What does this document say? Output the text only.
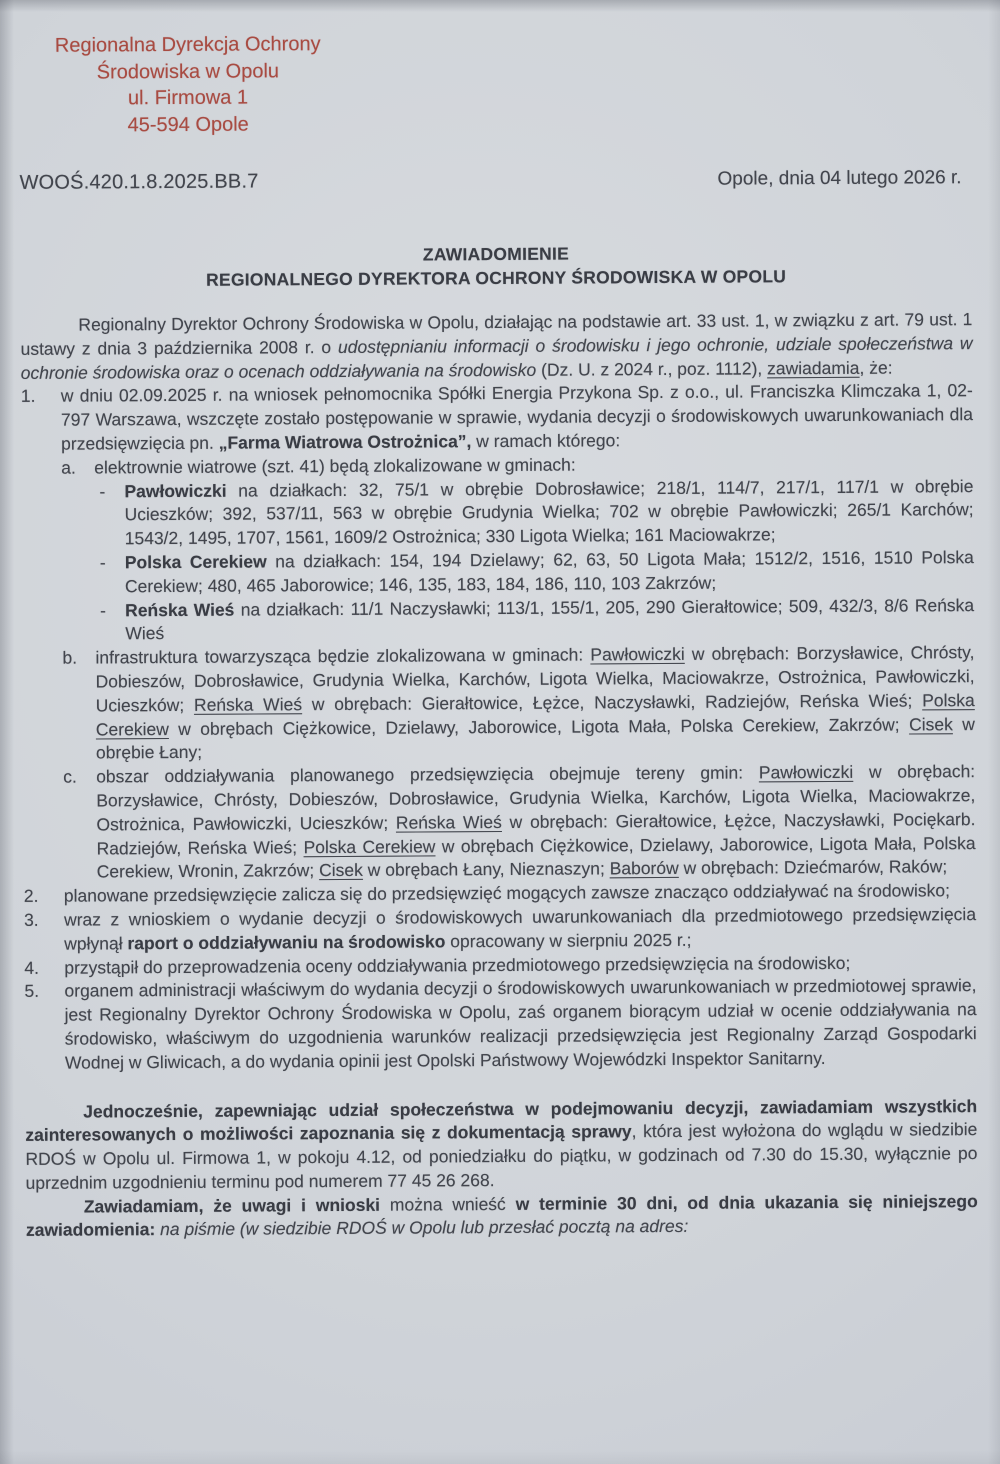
Regionalna Dyrekcja Ochrony
Środowiska w Opolu
ul. Firmowa 1
45-594 Opole
WOOŚ.420.1.8.2025.BB.7	Opole, dnia 04 lutego 2026 r.
ZAWIADOMIENIE
REGIONALNEGO DYREKTORA OCHRONY ŚRODOWISKA W OPOLU
Regionalny Dyrektor Ochrony Środowiska w Opolu, działając na podstawie art. 33 ust. 1, w związku z art. 79 ust. 1 ustawy z dnia 3 października 2008 r. o udostępnianiu informacji o środowisku i jego ochronie, udziale społeczeństwa w ochronie środowiska oraz o ocenach oddziaływania na środowisko (Dz. U. z 2024 r., poz. 1112), zawiadamia, że:
1. w dniu 02.09.2025 r. na wniosek pełnomocnika Spółki Energia Przykona Sp. z o.o., ul. Franciszka Klimczaka 1, 02-797 Warszawa, wszczęte zostało postępowanie w sprawie, wydania decyzji o środowiskowych uwarunkowaniach dla przedsięwzięcia pn. „Farma Wiatrowa Ostrożnica”, w ramach którego:
a. elektrownie wiatrowe (szt. 41) będą zlokalizowane w gminach:
- Pawłowiczki na działkach: 32, 75/1 w obrębie Dobrosławice; 218/1, 114/7, 217/1, 117/1 w obrębie Ucieszków; 392, 537/11, 563 w obrębie Grudynia Wielka; 702 w obrębie Pawłowiczki; 265/1 Karchów; 1543/2, 1495, 1707, 1561, 1609/2 Ostrożnica; 330 Ligota Wielka; 161 Maciowakrze;
- Polska Cerekiew na działkach: 154, 194 Dzielawy; 62, 63, 50 Ligota Mała; 1512/2, 1516, 1510 Polska Cerekiew; 480, 465 Jaborowice; 146, 135, 183, 184, 186, 110, 103 Zakrzów;
- Reńska Wieś na działkach: 11/1 Naczysławki; 113/1, 155/1, 205, 290 Gierałtowice; 509, 432/3, 8/6 Reńska Wieś
b. infrastruktura towarzysząca będzie zlokalizowana w gminach: Pawłowiczki w obrębach: Borzysławice, Chrósty, Dobieszów, Dobrosławice, Grudynia Wielka, Karchów, Ligota Wielka, Maciowakrze, Ostrożnica, Pawłowiczki, Ucieszków; Reńska Wieś w obrębach: Gierałtowice, Łężce, Naczysławki, Radziejów, Reńska Wieś; Polska Cerekiew w obrębach Ciężkowice, Dzielawy, Jaborowice, Ligota Mała, Polska Cerekiew, Zakrzów; Cisek w obrębie Łany;
c. obszar oddziaływania planowanego przedsięwzięcia obejmuje tereny gmin: Pawłowiczki w obrębach: Borzysławice, Chrósty, Dobieszów, Dobrosławice, Grudynia Wielka, Karchów, Ligota Wielka, Maciowakrze, Ostrożnica, Pawłowiczki, Ucieszków; Reńska Wieś w obrębach: Gierałtowice, Łężce, Naczysławki, Pociękarb. Radziejów, Reńska Wieś; Polska Cerekiew w obrębach Ciężkowice, Dzielawy, Jaborowice, Ligota Mała, Polska Cerekiew, Wronin, Zakrzów; Cisek w obrębach Łany, Nieznaszyn; Baborów w obrębach: Dziećmarów, Raków;
2. planowane przedsięwzięcie zalicza się do przedsięwzięć mogących zawsze znacząco oddziaływać na środowisko;
3. wraz z wnioskiem o wydanie decyzji o środowiskowych uwarunkowaniach dla przedmiotowego przedsięwzięcia wpłynął raport o oddziaływaniu na środowisko opracowany w sierpniu 2025 r.;
4. przystąpił do przeprowadzenia oceny oddziaływania przedmiotowego przedsięwzięcia na środowisko;
5. organem administracji właściwym do wydania decyzji o środowiskowych uwarunkowaniach w przedmiotowej sprawie, jest Regionalny Dyrektor Ochrony Środowiska w Opolu, zaś organem biorącym udział w ocenie oddziaływania na środowisko, właściwym do uzgodnienia warunków realizacji przedsięwzięcia jest Regionalny Zarząd Gospodarki Wodnej w Gliwicach, a do wydania opinii jest Opolski Państwowy Wojewódzki Inspektor Sanitarny.
Jednocześnie, zapewniając udział społeczeństwa w podejmowaniu decyzji, zawiadamiam wszystkich zainteresowanych o możliwości zapoznania się z dokumentacją sprawy, która jest wyłożona do wglądu w siedzibie RDOŚ w Opolu ul. Firmowa 1, w pokoju 4.12, od poniedziałku do piątku, w godzinach od 7.30 do 15.30, wyłącznie po uprzednim uzgodnieniu terminu pod numerem 77 45 26 268.
Zawiadamiam, że uwagi i wnioski można wnieść w terminie 30 dni, od dnia ukazania się niniejszego zawiadomienia: na piśmie (w siedzibie RDOŚ w Opolu lub przesłać pocztą na adres:
